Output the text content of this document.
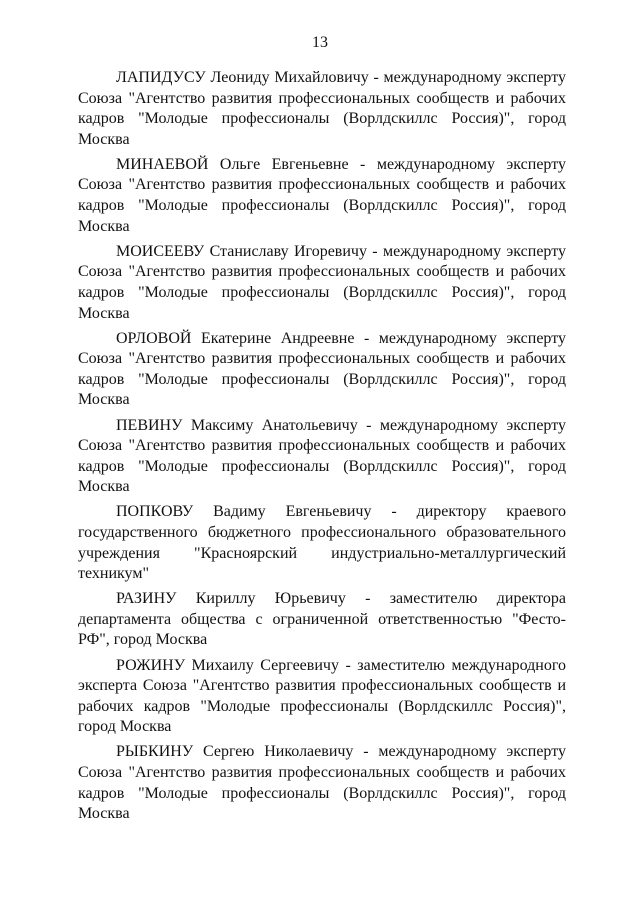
13

ЛАПИДУСУ Леониду Михайловичу - международному эксперту Союза "Агентство развития профессиональных сообществ и рабочих кадров "Молодые профессионалы (Ворлдскиллс Россия)", город Москва

МИНАЕВОЙ Ольге Евгеньевне - международному эксперту Союза "Агентство развития профессиональных сообществ и рабочих кадров "Молодые профессионалы (Ворлдскиллс Россия)", город Москва

МОИСЕЕВУ Станиславу Игоревичу - международному эксперту Союза "Агентство развития профессиональных сообществ и рабочих кадров "Молодые профессионалы (Ворлдскиллс Россия)", город Москва

ОРЛОВОЙ Екатерине Андреевне - международному эксперту Союза "Агентство развития профессиональных сообществ и рабочих кадров "Молодые профессионалы (Ворлдскиллс Россия)", город Москва

ПЕВИНУ Максиму Анатольевичу - международному эксперту Союза "Агентство развития профессиональных сообществ и рабочих кадров "Молодые профессионалы (Ворлдскиллс Россия)", город Москва

ПОПКОВУ Вадиму Евгеньевичу - директору краевого государственного бюджетного профессионального образовательного учреждения "Красноярский индустриально-металлургический техникум"

РАЗИНУ Кириллу Юрьевичу - заместителю директора департамента общества с ограниченной ответственностью "Фесто-РФ", город Москва

РОЖИНУ Михаилу Сергеевичу - заместителю международного эксперта Союза "Агентство развития профессиональных сообществ и рабочих кадров "Молодые профессионалы (Ворлдскиллс Россия)", город Москва

РЫБКИНУ Сергею Николаевичу - международному эксперту Союза "Агентство развития профессиональных сообществ и рабочих кадров "Молодые профессионалы (Ворлдскиллс Россия)", город Москва
